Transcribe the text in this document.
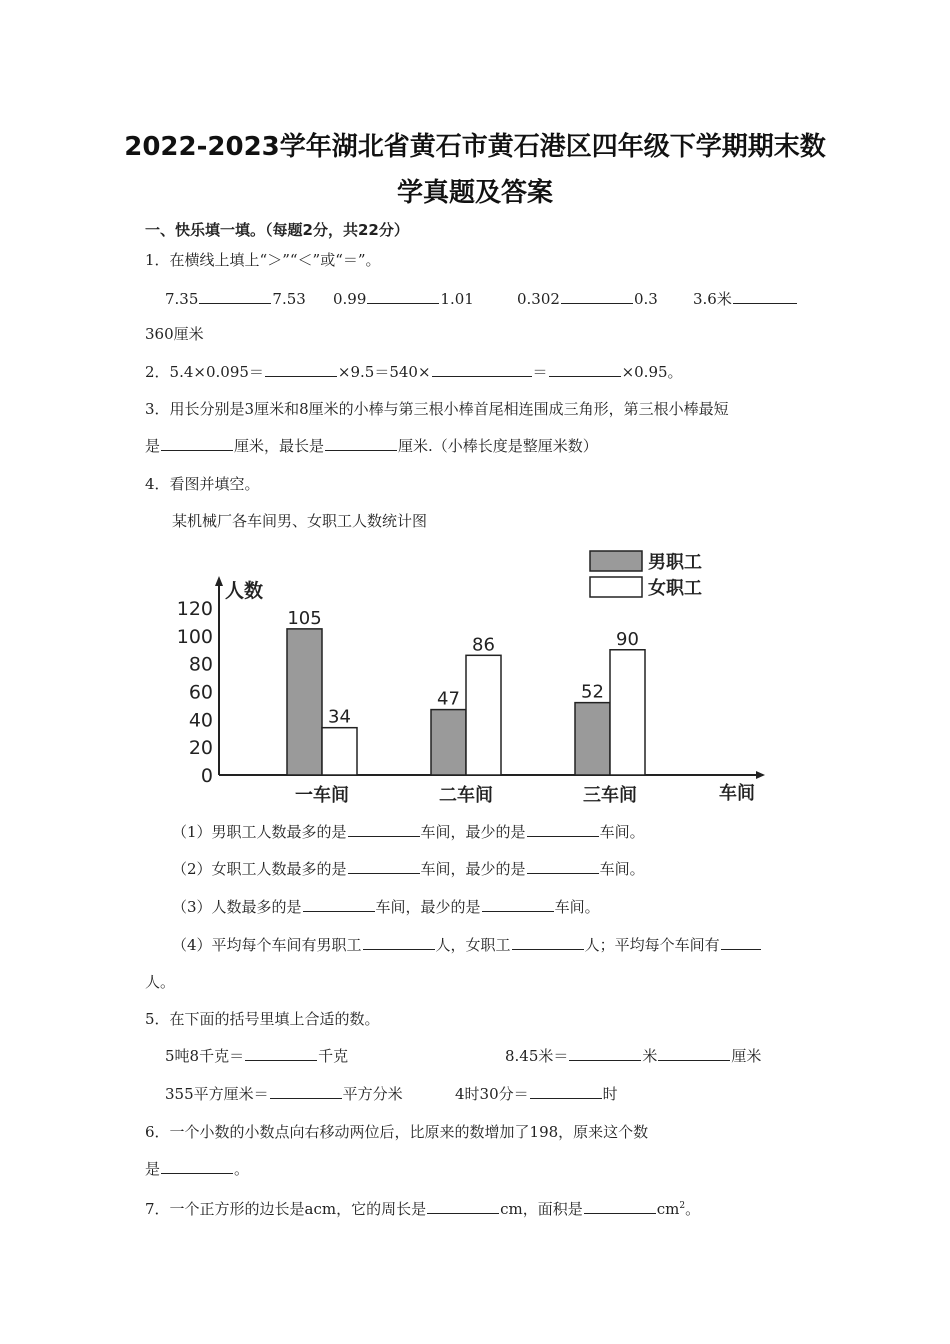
2022-2023学年湖北省黄石市黄石港区四年级下学期期末数
学真题及答案
一、快乐填一填。（每题2分，共22分）
1．在横线上填上“＞”“＜”或“＝”。
7.35	7.53 0.99	1.01	0.302	0.3 3.6米
360厘米
2．5.4×0.095＝	×9.5＝540×	＝	×0.95。
3．用长分别是3厘米和8厘米的小棒与第三根小棒首尾相连围成三角形，第三根小棒最短
是	厘米，最长是	厘米.（小棒长度是整厘米数）
4．看图并填空。
某机械厂各车间男、女职工人数统计图
人数
车间
0
20
40
60
80
100
120	105
34
一车间
47
86
二车间
52
90
三车间
男职工
女职工
（1）男职工人数最多的是	车间，最少的是	车间。
（2）女职工人数最多的是	车间，最少的是	车间。
（3）人数最多的是	车间，最少的是	车间。
（4）平均每个车间有男职工	人，女职工	人；平均每个车间有
人。
5．在下面的括号里填上合适的数。
5吨8千克＝	千克	8.45米＝	米	厘米
355平方厘米＝	平方分米	4时30分＝	时
6．一个小数的小数点向右移动两位后，比原来的数增加了198，原来这个数
是	。
7．一个正方形的边长是acm，它的周长是	cm，面积是	$cm^2$。
